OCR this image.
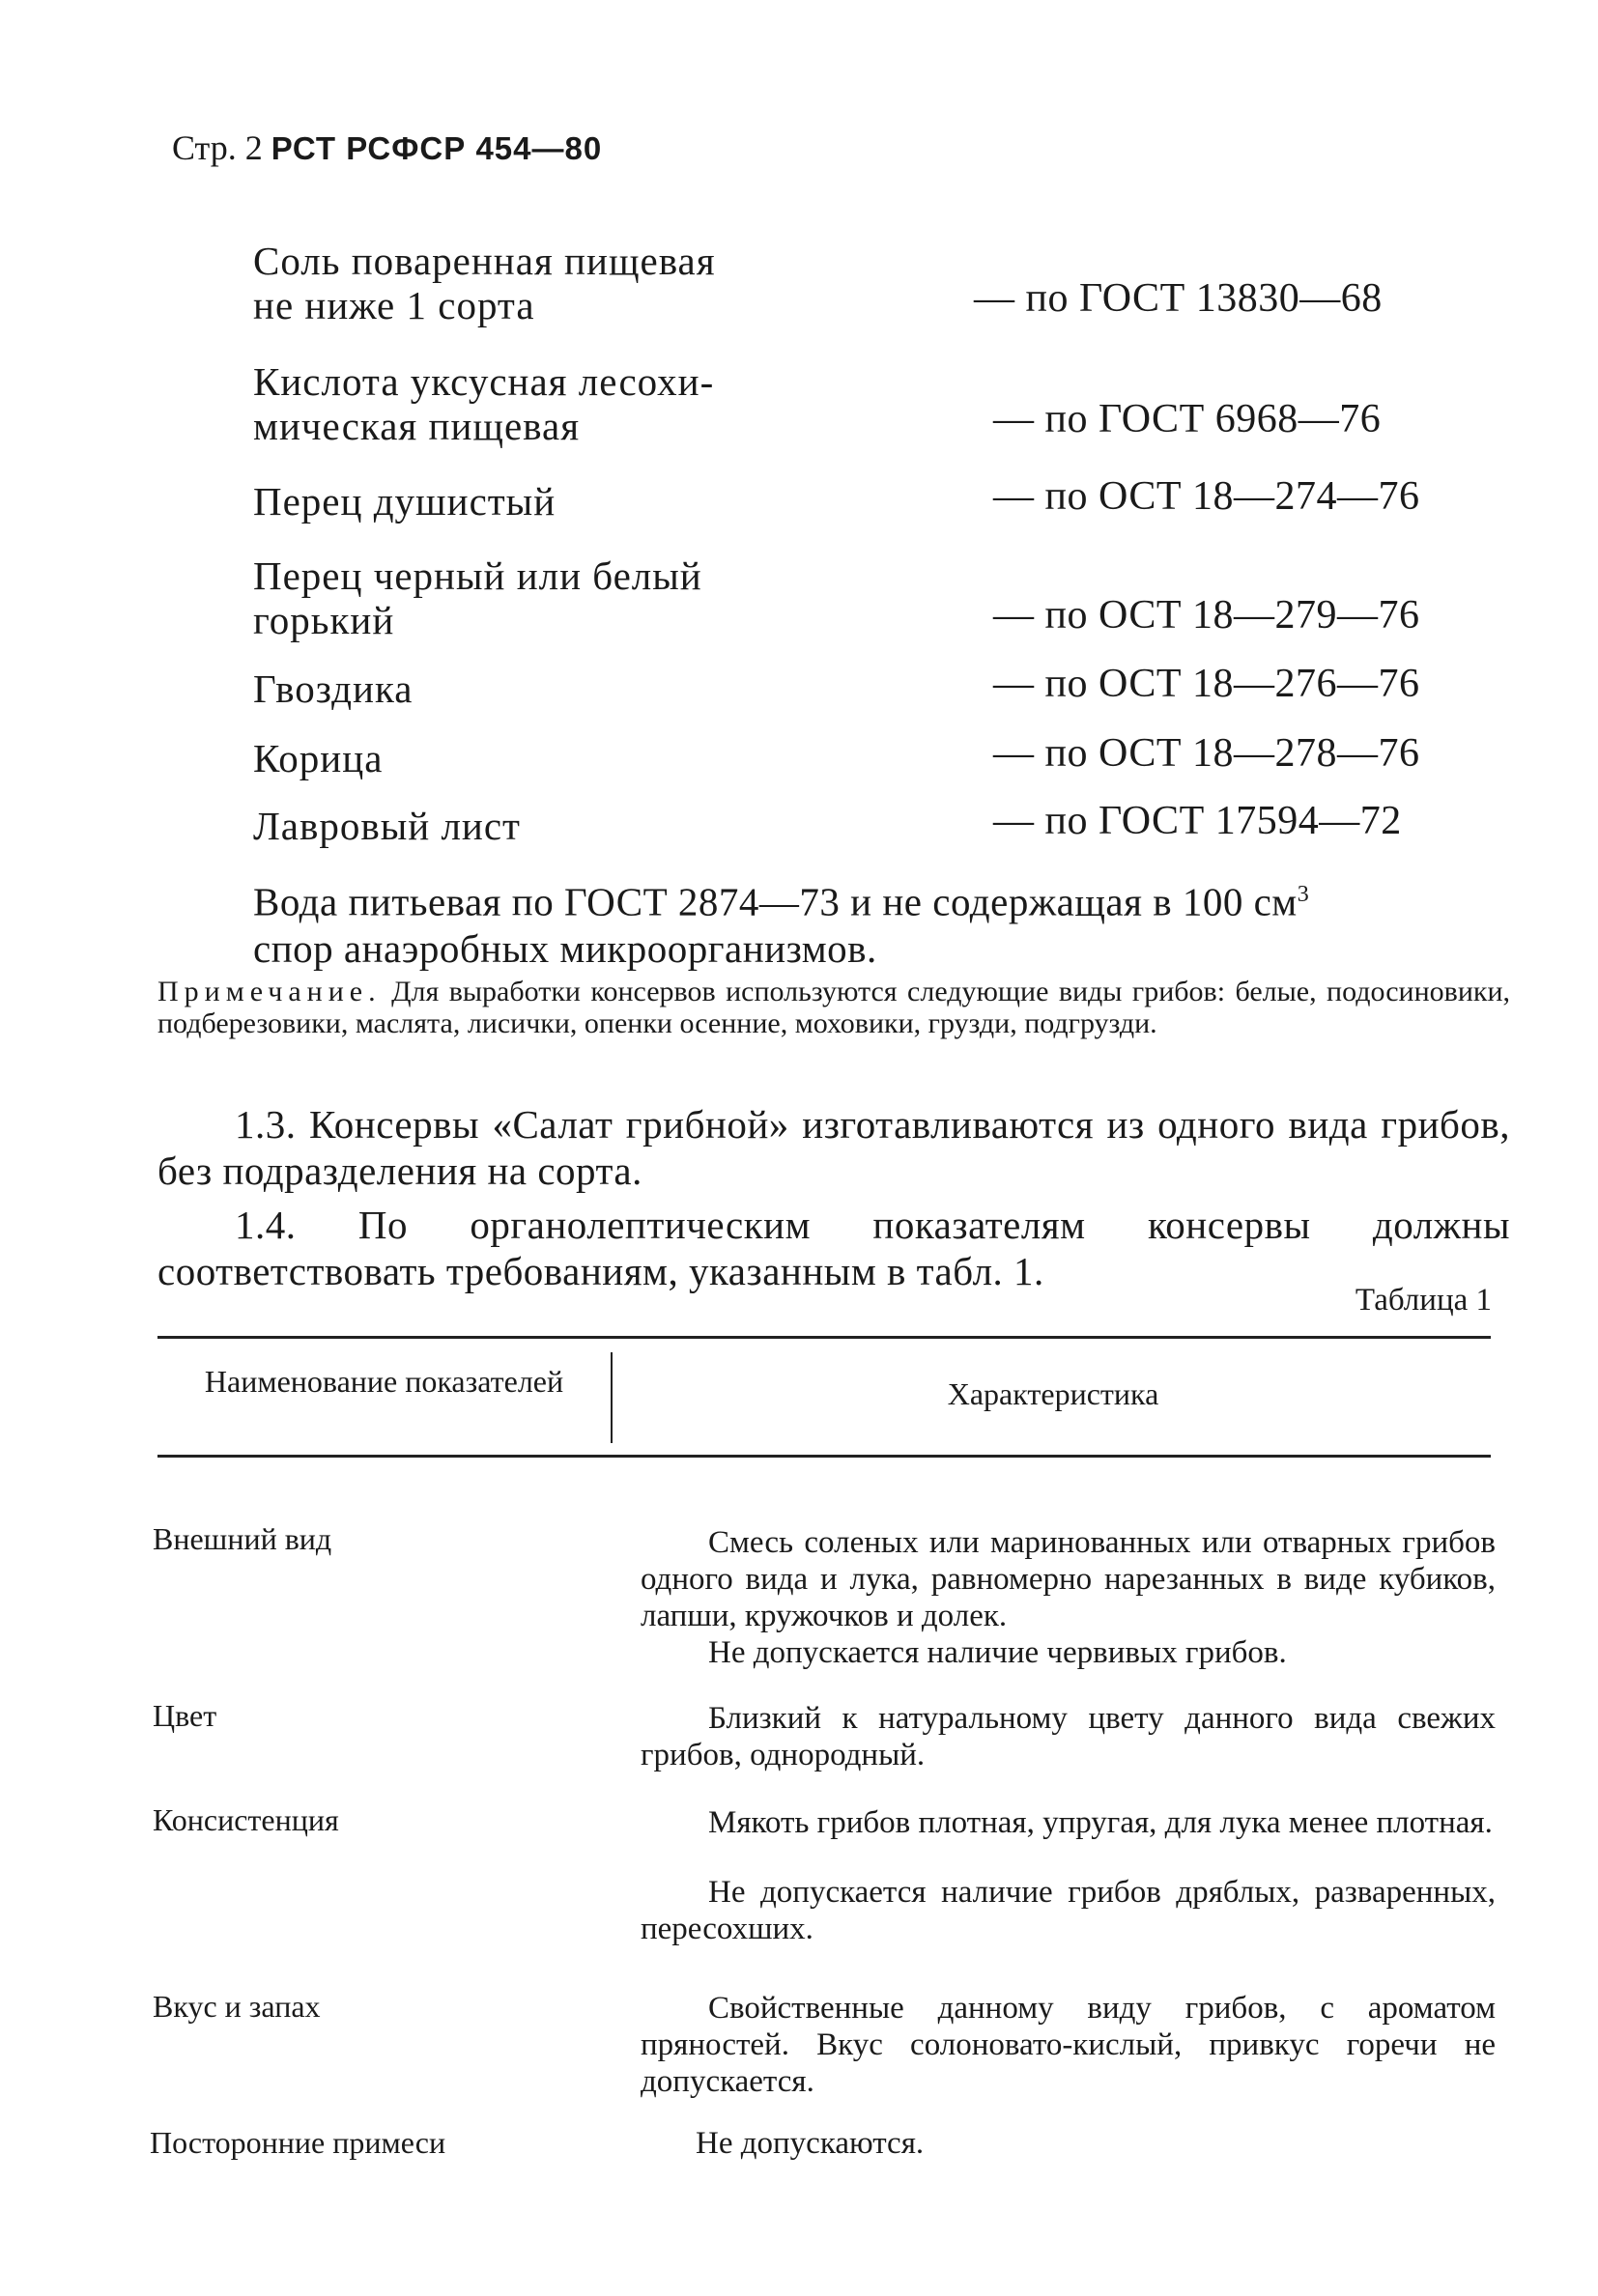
Стр. 2 РСТ РСФСР 454—80
Соль поваренная пищевая
не ниже 1 сорта	— по ГОСТ 13830—68
Кислота уксусная лесохи-
мическая пищевая	— по ГОСТ 6968—76
Перец душистый	— по ОСТ 18—274—76
Перец черный или белый
горький	— по ОСТ 18—279—76
Гвоздика	— по ОСТ 18—276—76
Корица	— по ОСТ 18—278—76
Лавровый лист	— по ГОСТ 17594—72
Вода питьевая по ГОСТ 2874—73 и не содержащая в 100 $см^3$
спор анаэробных микроорганизмов.
Примечание. Для выработки консервов используются следующие виды грибов: белые, подосиновики, подберезовики, маслята, лисички, опенки осенние, моховики, грузди, подгрузди.
1.3. Консервы «Салат грибной» изготавливаются из одного вида грибов, без подразделения на сорта.
1.4. По органолептическим показателям консервы должны соответствовать требованиям, указанным в табл. 1.
Таблица 1
Наименование показателей	Характеристика
Внешний вид	Смесь соленых или маринованных или отварных грибов одного вида и лука, равномерно нарезанных в виде кубиков, лапши, кружочков и долек.

Не допускается наличие червивых грибов.

Цвет	Близкий к натуральному цвету данного вида свежих грибов, однородный.

Консистенция	Мякоть грибов плотная, упругая, для лука менее плотная.

Не допускается наличие грибов дряблых, разваренных, пересохших.

Вкус и запах	Свойственные данному виду грибов, с ароматом пряностей. Вкус солоновато-кислый, привкус горечи не допускается.

Посторонние примеси	Не допускаются.
